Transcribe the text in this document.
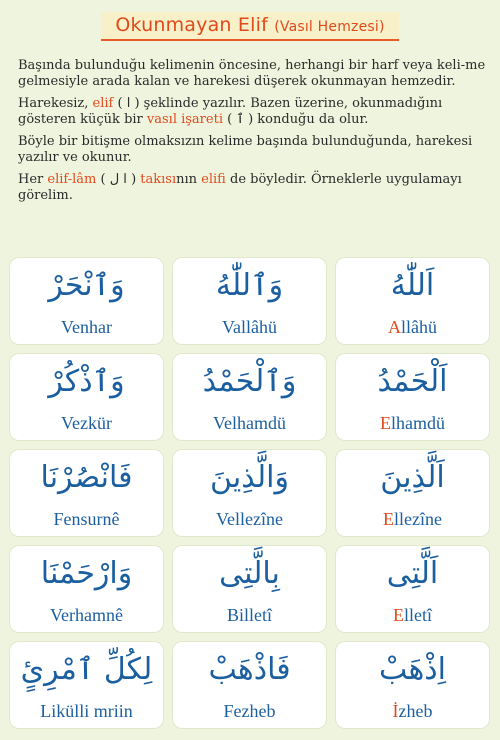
Okunmayan Elif (Vasıl Hemzesi)

Başında bulunduğu kelimenin öncesine, herhangi bir harf veya keli-me gelmesiyle arada kalan ve harekesi düşerek okunmayan hemzedir.

Harekesiz, elif ( ا ) şeklinde yazılır. Bazen üzerine, okunmadığını gösteren küçük bir vasıl işareti ( ٱ ) konduğu da olur.

Böyle bir bitişme olmaksızın kelime başında bulunduğunda, harekesi yazılır ve okunur.

Her elif-lâm ( ا ل ) takısının elifi de böyledir. Örneklerle uygulamayı görelim.

وَٱنْحَرْ
Venhar
وَٱللّٰهُ
Vallâhü
اَللّٰهُ
Allâhü
وَٱذْكُرْ
Vezkür
وَٱلْحَمْدُ
Velhamdü
اَلْحَمْدُ
Elhamdü
فَانْصُرْنَا
Fensurnê
وَالَّذِينَ
Vellezîne
اَلَّذِينَ
Ellezîne
وَارْحَمْنَا
Verhamnê
بِالَّتِى
Billetî
اَلَّتِى
Elletî
لِكُلِّ ٱمْرِئٍ
Likülli mriin
فَاذْهَبْ
Fezheb
اِذْهَبْ
İzheb
